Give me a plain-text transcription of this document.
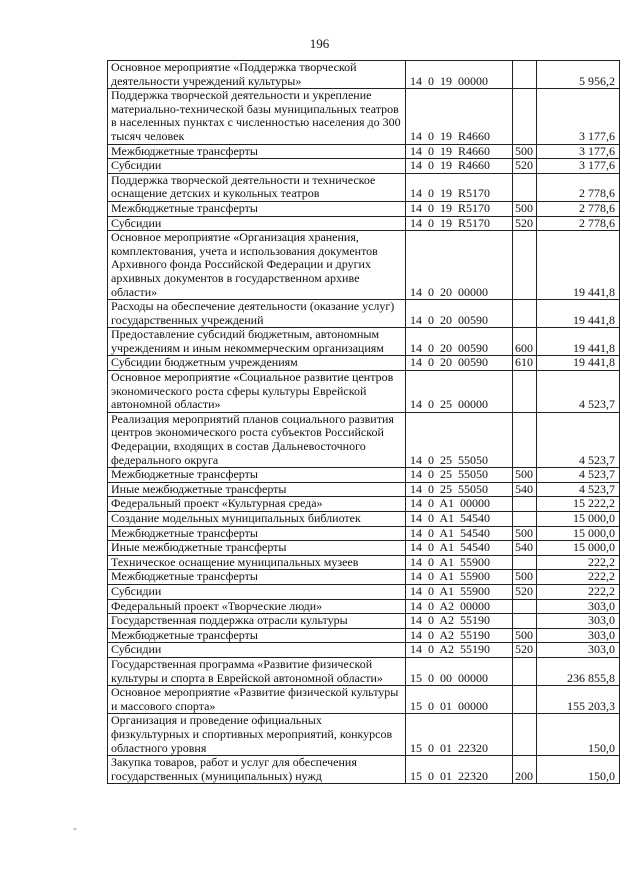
196
Основное мероприятие «Поддержка творческой деятельности учреждений культуры»	14  0  19  00000		5 956,2
Поддержка творческой деятельности и укрепление материально-технической базы муниципальных театров в населенных пунктах с численностью населения до 300 тысяч человек	14  0  19  R4660		3 177,6
Межбюджетные трансферты	14  0  19  R4660	500	3 177,6
Субсидии	14  0  19  R4660	520	3 177,6
Поддержка творческой деятельности и техническое оснащение детских и кукольных театров	14  0  19  R5170		2 778,6
Межбюджетные трансферты	14  0  19  R5170	500	2 778,6
Субсидии	14  0  19  R5170	520	2 778,6
Основное мероприятие «Организация хранения, комплектования, учета и использования документов Архивного фонда Российской Федерации и других архивных документов в государственном архиве области»	14  0  20  00000		19 441,8
Расходы на обеспечение деятельности (оказание услуг) государственных учреждений	14  0  20  00590		19 441,8
Предоставление субсидий бюджетным, автономным учреждениям и иным некоммерческим организациям	14  0  20  00590	600	19 441,8
Субсидии бюджетным учреждениям	14  0  20  00590	610	19 441,8
Основное мероприятие «Социальное развитие центров экономического роста сферы культуры Еврейской автономной области»	14  0  25  00000		4 523,7
Реализация мероприятий планов социального развития центров экономического роста субъектов Российской Федерации, входящих в состав Дальневосточного федерального округа	14  0  25  55050		4 523,7
Межбюджетные трансферты	14  0  25  55050	500	4 523,7
Иные межбюджетные трансферты	14  0  25  55050	540	4 523,7
Федеральный проект «Культурная среда»	14  0  A1  00000		15 222,2
Создание модельных муниципальных библиотек	14  0  A1  54540		15 000,0
Межбюджетные трансферты	14  0  A1  54540	500	15 000,0
Иные межбюджетные трансферты	14  0  A1  54540	540	15 000,0
Техническое оснащение муниципальных музеев	14  0  A1  55900		222,2
Межбюджетные трансферты	14  0  A1  55900	500	222,2
Субсидии	14  0  A1  55900	520	222,2
Федеральный проект «Творческие люди»	14  0  A2  00000		303,0
Государственная поддержка отрасли культуры	14  0  A2  55190		303,0
Межбюджетные трансферты	14  0  A2  55190	500	303,0
Субсидии	14  0  A2  55190	520	303,0
Государственная программа «Развитие физической культуры и спорта в Еврейской автономной области»	15  0  00  00000		236 855,8
Основное мероприятие «Развитие физической культуры и массового спорта»	15  0  01  00000		155 203,3
Организация и проведение официальных физкультурных и спортивных мероприятий, конкурсов областного уровня	15  0  01  22320		150,0
Закупка товаров, работ и услуг для обеспечения государственных (муниципальных) нужд	15  0  01  22320	200	150,0
-
